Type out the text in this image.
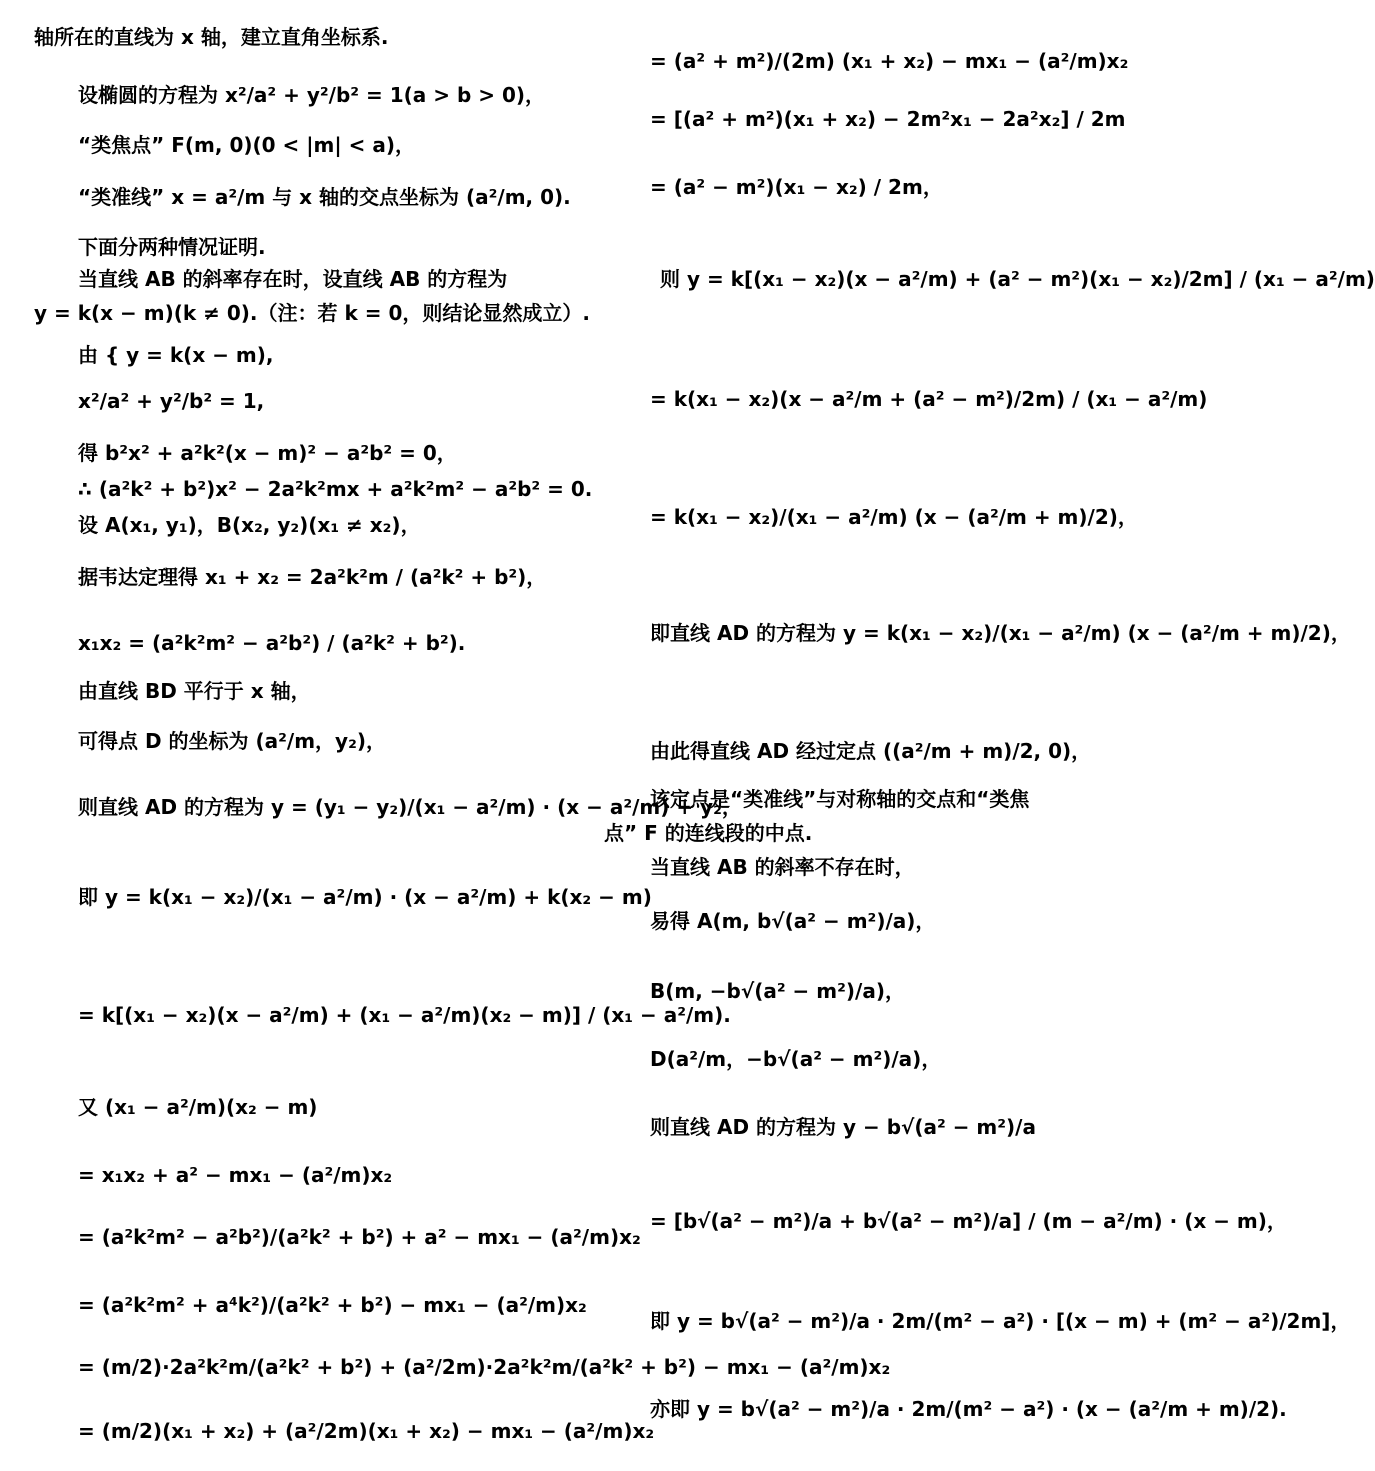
轴所在的直线为 x 轴，建立直角坐标系.
设椭圆的方程为 x²/a² + y²/b² = 1(a > b > 0)，
“类焦点” F(m, 0)(0 < |m| < a)，
“类准线” x = a²/m 与 x 轴的交点坐标为 (a²/m, 0).
下面分两种情况证明.
当直线 AB 的斜率存在时，设直线 AB 的方程为
y = k(x − m)(k ≠ 0).（注：若 k = 0，则结论显然成立）.
由 { y = k(x − m),
x²/a² + y²/b² = 1,
得 b²x² + a²k²(x − m)² − a²b² = 0，
∴ (a²k² + b²)x² − 2a²k²mx + a²k²m² − a²b² = 0.
设 A(x₁, y₁)，B(x₂, y₂)(x₁ ≠ x₂)，
据韦达定理得 x₁ + x₂ = 2a²k²m / (a²k² + b²)，
x₁x₂ = (a²k²m² − a²b²) / (a²k² + b²).
由直线 BD 平行于 x 轴，
可得点 D 的坐标为 (a²/m，y₂)，
则直线 AD 的方程为 y = (y₁ − y₂)/(x₁ − a²/m) · (x − a²/m) + y₂，
即 y = k(x₁ − x₂)/(x₁ − a²/m) · (x − a²/m) + k(x₂ − m)
= k[(x₁ − x₂)(x − a²/m) + (x₁ − a²/m)(x₂ − m)] / (x₁ − a²/m).
又 (x₁ − a²/m)(x₂ − m)
= x₁x₂ + a² − mx₁ − (a²/m)x₂
= (a²k²m² − a²b²)/(a²k² + b²) + a² − mx₁ − (a²/m)x₂
= (a²k²m² + a⁴k²)/(a²k² + b²) − mx₁ − (a²/m)x₂
= (m/2)·2a²k²m/(a²k² + b²) + (a²/2m)·2a²k²m/(a²k² + b²) − mx₁ − (a²/m)x₂
= (m/2)(x₁ + x₂) + (a²/2m)(x₁ + x₂) − mx₁ − (a²/m)x₂
= (a² + m²)/(2m) (x₁ + x₂) − mx₁ − (a²/m)x₂
= [(a² + m²)(x₁ + x₂) − 2m²x₁ − 2a²x₂] / 2m
= (a² − m²)(x₁ − x₂) / 2m，
则 y = k[(x₁ − x₂)(x − a²/m) + (a² − m²)(x₁ − x₂)/2m] / (x₁ − a²/m)
= k(x₁ − x₂)(x − a²/m + (a² − m²)/2m) / (x₁ − a²/m)
= k(x₁ − x₂)/(x₁ − a²/m) (x − (a²/m + m)/2)，
即直线 AD 的方程为 y = k(x₁ − x₂)/(x₁ − a²/m) (x − (a²/m + m)/2)，
由此得直线 AD 经过定点 ((a²/m + m)/2, 0)，
该定点是“类准线”与对称轴的交点和“类焦
点” F 的连线段的中点.
当直线 AB 的斜率不存在时，
易得 A(m, b√(a² − m²)/a)，
B(m, −b√(a² − m²)/a)，
D(a²/m，−b√(a² − m²)/a)，
则直线 AD 的方程为 y − b√(a² − m²)/a
= [b√(a² − m²)/a + b√(a² − m²)/a] / (m − a²/m) · (x − m)，
即 y = b√(a² − m²)/a · 2m/(m² − a²) · [(x − m) + (m² − a²)/2m]，
亦即 y = b√(a² − m²)/a · 2m/(m² − a²) · (x − (a²/m + m)/2).
